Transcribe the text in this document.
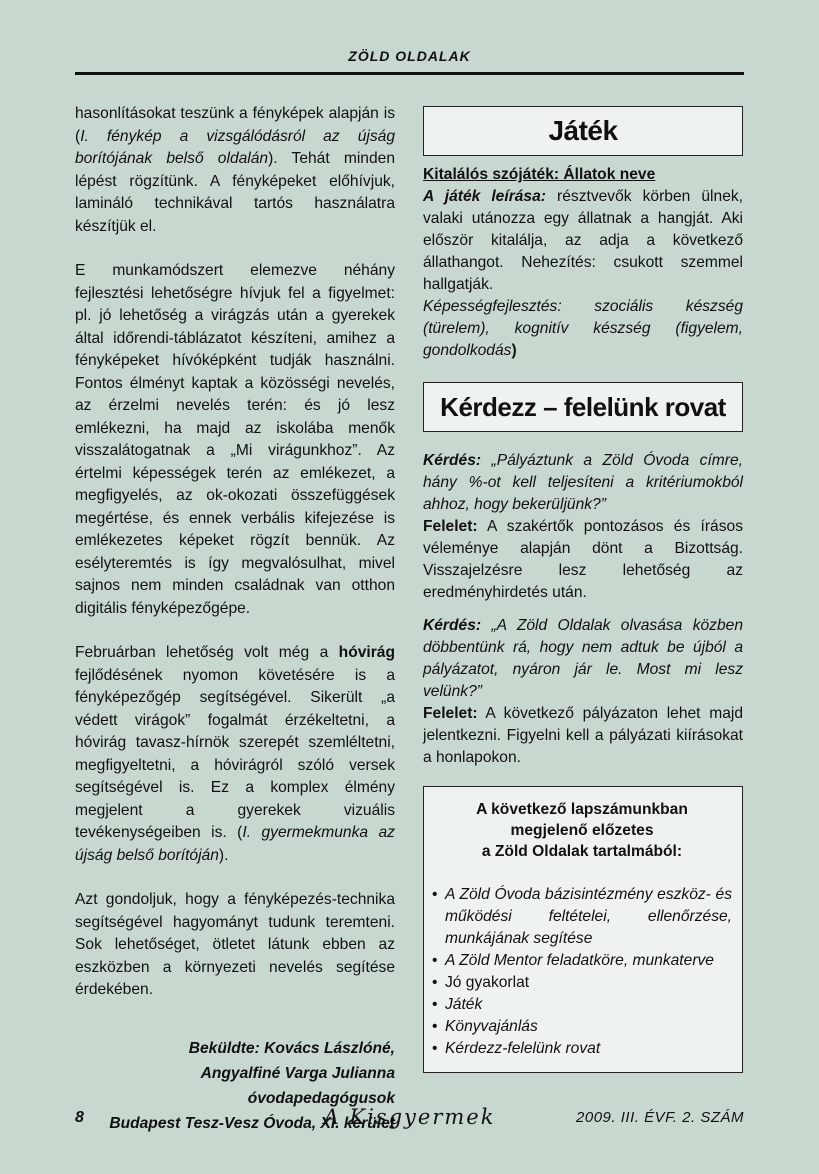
ZÖLD OLDALAK

hasonlításokat teszünk a fényképek alapján is (I. fénykép a vizsgálódásról az újság borítójának belső oldalán). Tehát minden lépést rögzítünk. A fényképeket előhívjuk, lamináló technikával tartós használatra készítjük el.

E munkamódszert elemezve néhány fejlesztési lehetőségre hívjuk fel a figyelmet: pl. jó lehetőség a virágzás után a gyerekek által időrendi-táblázatot készíteni, amihez a fényképeket hívóképként tudják használni. Fontos élményt kaptak a közösségi nevelés, az érzelmi nevelés terén: és jó lesz emlékezni, ha majd az iskolába menők visszalátogatnak a „Mi virágunkhoz”. Az értelmi képességek terén az emlékezet, a megfigyelés, az ok-okozati összefüggések megértése, és ennek verbális kifejezése is emlékezetes képeket rögzít bennük. Az esélyteremtés is így megvalósulhat, mivel sajnos nem minden családnak van otthon digitális fényképezőgépe.

Februárban lehetőség volt még a hóvirág fejlődésének nyomon követésére is a fényképezőgép segítségével. Sikerült „a védett virágok” fogalmát érzékeltetni, a hóvirág tavasz-hírnök szerepét szemléltetni, megfigyeltetni, a hóvirágról szóló versek segítségével is. Ez a komplex élmény megjelent a gyerekek vizuális tevékenységeiben is. (I. gyermekmunka az újság belső borítóján).

Azt gondoljuk, hogy a fényképezés-technika segítségével hagyományt tudunk teremteni. Sok lehetőséget, ötletet látunk ebben az eszközben a környezeti nevelés segítése érdekében.

Beküldte: Kovács Lászlóné,
Angyalfiné Varga Julianna
óvodapedagógusok
Budapest Tesz-Vesz Óvoda, XI. kerület
Játék

Kitalálós szójáték: Állatok neve

A játék leírása: résztvevők körben ülnek, valaki utánozza egy állatnak a hangját. Aki először kitalálja, az adja a következő állathangot. Nehezítés: csukott szemmel hallgatják.

Képességfejlesztés: szociális készség (türelem), kognitív készség (figyelem, gondolkodás)

Kérdezz – felelünk rovat

Kérdés: „Pályáztunk a Zöld Óvoda címre, hány %-ot kell teljesíteni a kritériumokból ahhoz, hogy bekerüljünk?”

Felelet: A szakértők pontozásos és írásos véleménye alapján dönt a Bizottság. Visszajelzésre lesz lehetőség az eredményhirdetés után.

Kérdés: „A Zöld Oldalak olvasása közben döbbentünk rá, hogy nem adtuk be újból a pályázatot, nyáron jár le. Most mi lesz velünk?”

Felelet: A következő pályázaton lehet majd jelentkezni. Figyelni kell a pályázati kiírásokat a honlapokon.

A következő lapszámunkban
megjelenő előzetes
a Zöld Oldalak tartalmából:
• A Zöld Óvoda bázisintézmény eszköz- és működési feltételei, ellenőrzése, munkájának segítése
• A Zöld Mentor feladatköre, munkaterve
• Jó gyakorlat
• Játék
• Könyvajánlás
• Kérdezz-felelünk rovat
8	A Kisgyermek	2009. III. ÉVF. 2. SZÁM
